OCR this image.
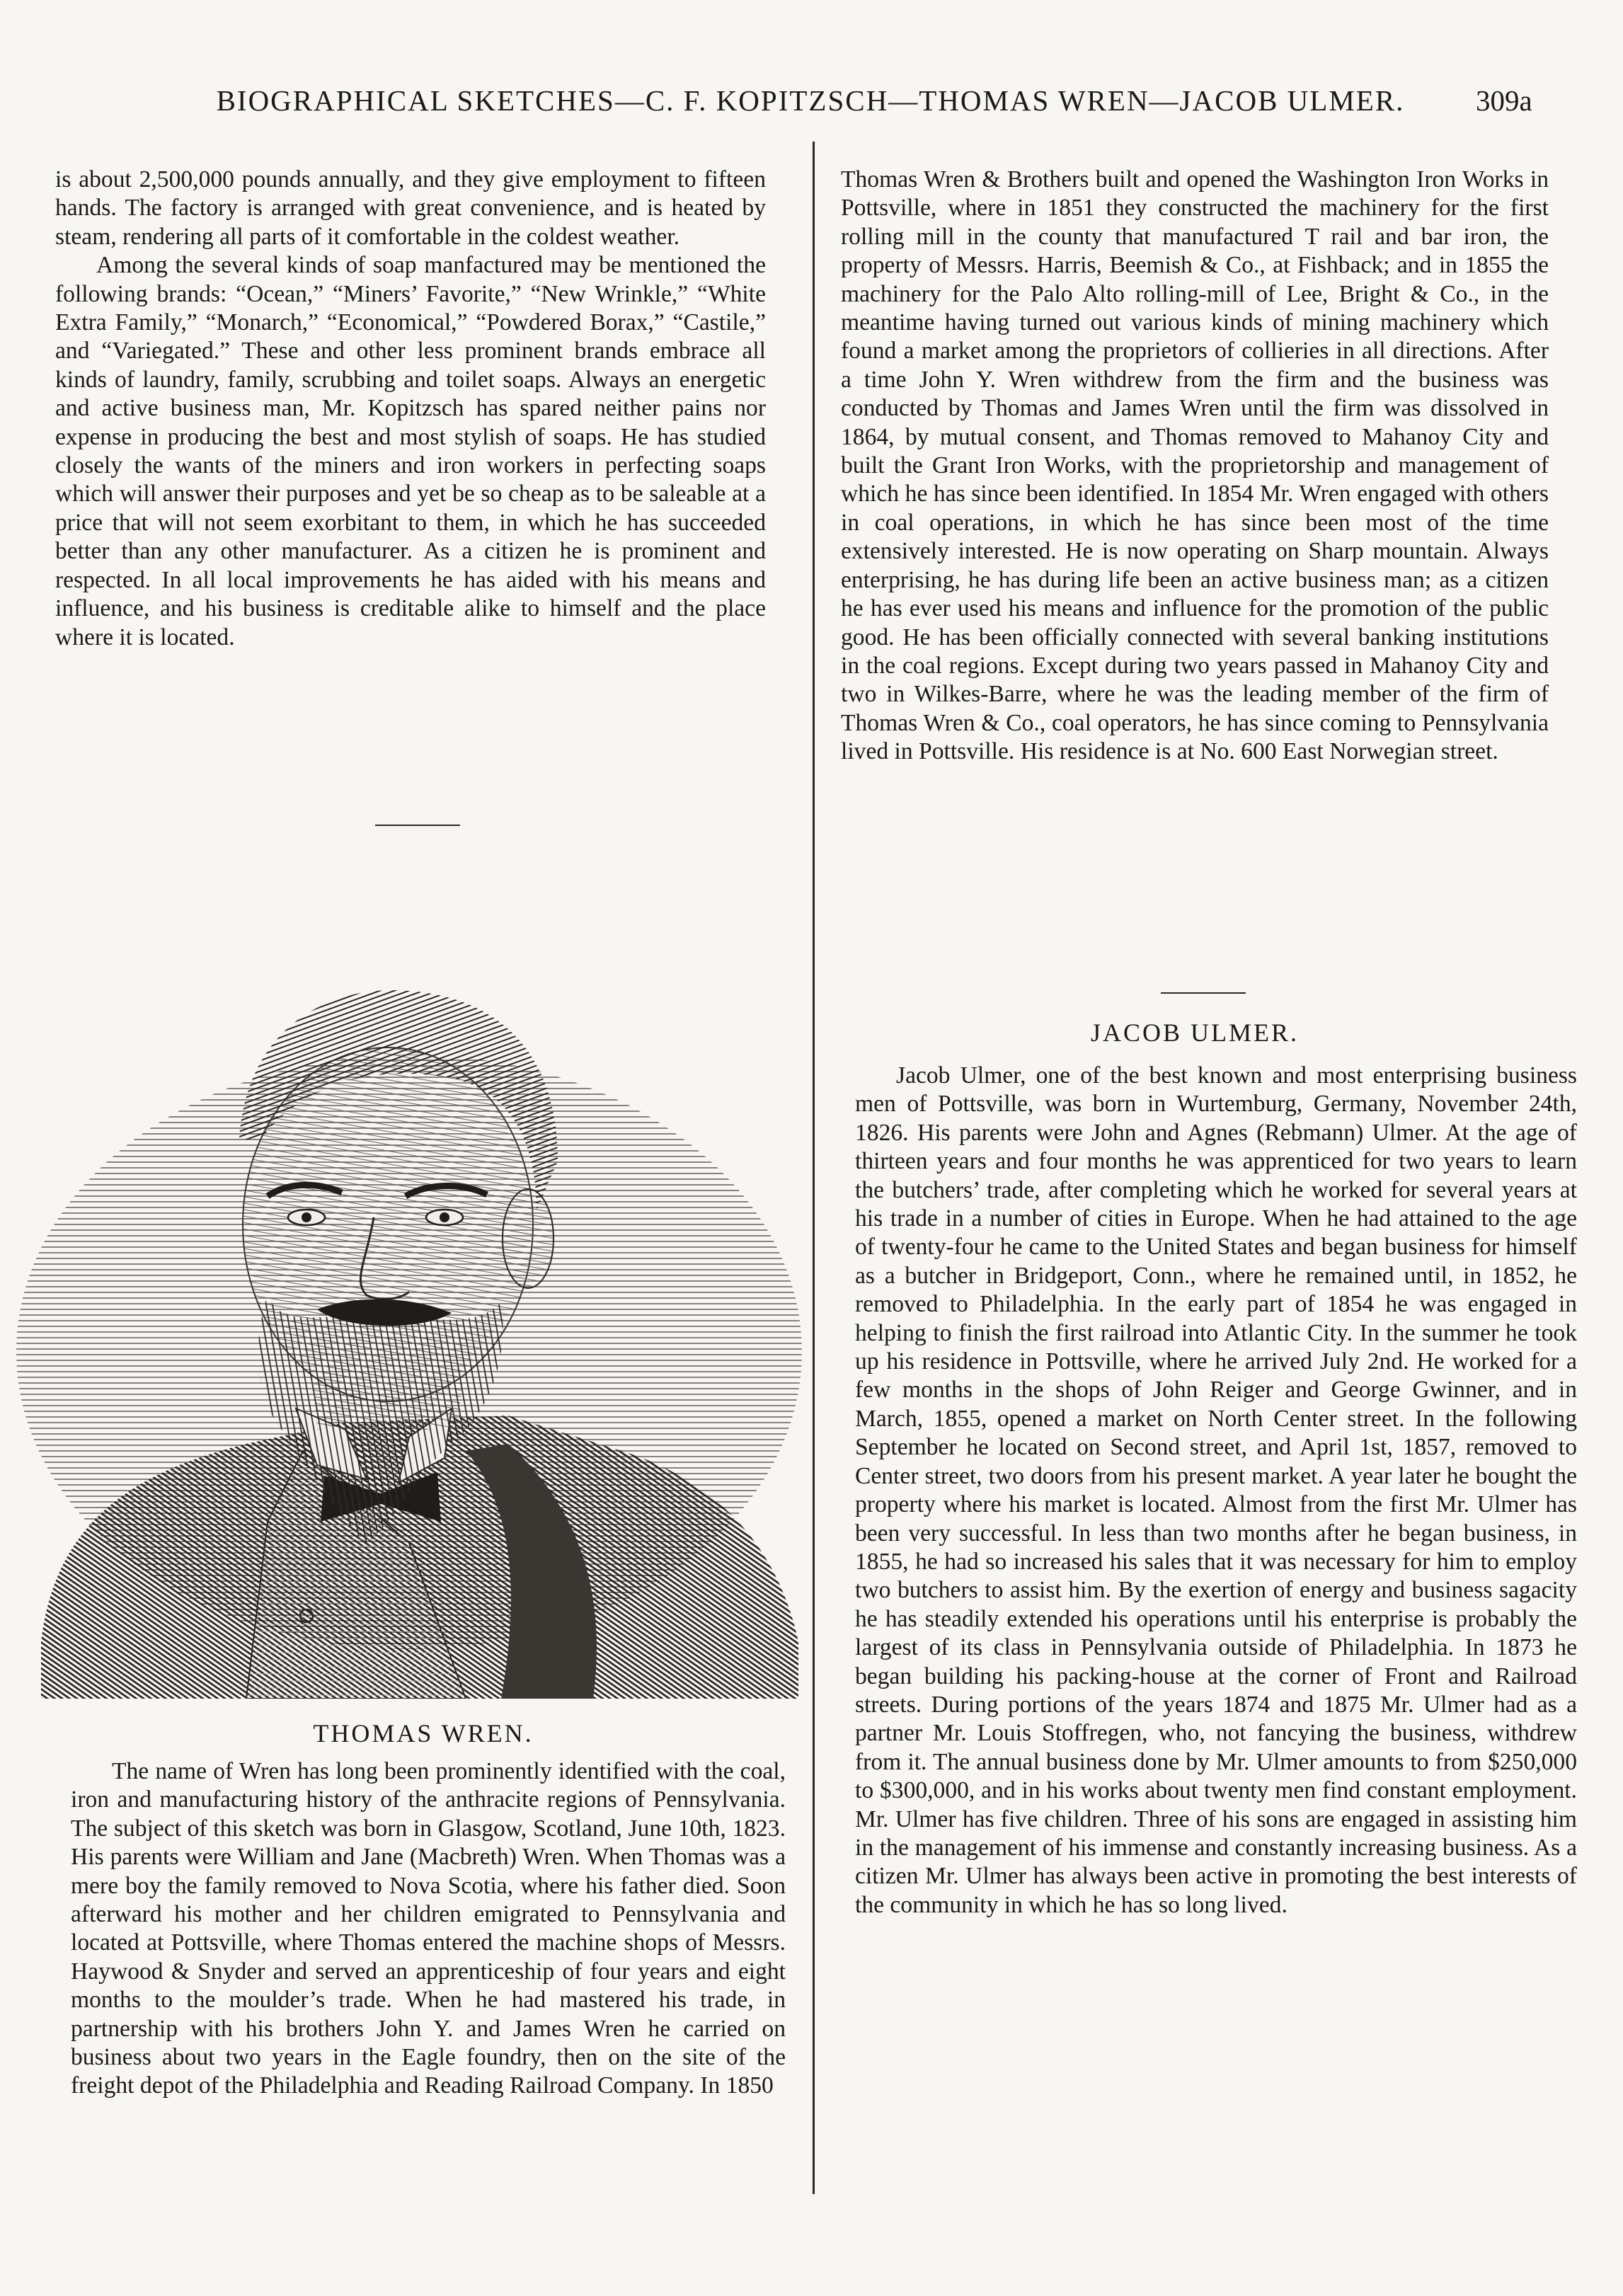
BIOGRAPHICAL SKETCHES—C. F. KOPITZSCH—THOMAS WREN—JACOB ULMER.	309a

is about 2,500,000 pounds annually, and they give employment to fifteen hands. The factory is arranged with great convenience, and is heated by steam, rendering all parts of it comfortable in the coldest weather.

Among the several kinds of soap manfactured may be mentioned the following brands: “Ocean,” “Miners’ Favorite,” “New Wrinkle,” “White Extra Family,” “Monarch,” “Economical,” “Powdered Borax,” “Castile,” and “Variegated.” These and other less prominent brands embrace all kinds of laundry, family, scrubbing and toilet soaps. Always an energetic and active business man, Mr. Kopitzsch has spared neither pains nor expense in producing the best and most stylish of soaps. He has studied closely the wants of the miners and iron workers in perfecting soaps which will answer their purposes and yet be so cheap as to be saleable at a price that will not seem exorbitant to them, in which he has succeeded better than any other manufacturer. As a citizen he is prominent and respected. In all local improvements he has aided with his means and influence, and his business is creditable alike to himself and the place where it is located.

THOMAS WREN.

The name of Wren has long been prominently identified with the coal, iron and manufacturing history of the anthracite regions of Pennsylvania. The subject of this sketch was born in Glasgow, Scotland, June 10th, 1823. His parents were William and Jane (Macbreth) Wren. When Thomas was a mere boy the family removed to Nova Scotia, where his father died. Soon afterward his mother and her children emigrated to Pennsylvania and located at Pottsville, where Thomas entered the machine shops of Messrs. Haywood & Snyder and served an apprenticeship of four years and eight months to the moulder’s trade. When he had mastered his trade, in partnership with his brothers John Y. and James Wren he carried on business about two years in the Eagle foundry, then on the site of the freight depot of the Philadelphia and Reading Railroad Company. In 1850

Thomas Wren & Brothers built and opened the Washington Iron Works in Pottsville, where in 1851 they constructed the machinery for the first rolling mill in the county that manufactured T rail and bar iron, the property of Messrs. Harris, Beemish & Co., at Fishback; and in 1855 the machinery for the Palo Alto rolling-mill of Lee, Bright & Co., in the meantime having turned out various kinds of mining machinery which found a market among the proprietors of collieries in all directions. After a time John Y. Wren withdrew from the firm and the business was conducted by Thomas and James Wren until the firm was dissolved in 1864, by mutual consent, and Thomas removed to Mahanoy City and built the Grant Iron Works, with the proprietorship and management of which he has since been identified. In 1854 Mr. Wren engaged with others in coal operations, in which he has since been most of the time extensively interested. He is now operating on Sharp mountain. Always enterprising, he has during life been an active business man; as a citizen he has ever used his means and influence for the promotion of the public good. He has been officially connected with several banking institutions in the coal regions. Except during two years passed in Mahanoy City and two in Wilkes-Barre, where he was the leading member of the firm of Thomas Wren & Co., coal operators, he has since coming to Pennsylvania lived in Pottsville. His residence is at No. 600 East Norwegian street.

JACOB ULMER.

Jacob Ulmer, one of the best known and most enterprising business men of Pottsville, was born in Wurtemburg, Germany, November 24th, 1826. His parents were John and Agnes (Rebmann) Ulmer. At the age of thirteen years and four months he was apprenticed for two years to learn the butchers’ trade, after completing which he worked for several years at his trade in a number of cities in Europe. When he had attained to the age of twenty-four he came to the United States and began business for himself as a butcher in Bridgeport, Conn., where he remained until, in 1852, he removed to Philadelphia. In the early part of 1854 he was engaged in helping to finish the first railroad into Atlantic City. In the summer he took up his residence in Pottsville, where he arrived July 2nd. He worked for a few months in the shops of John Reiger and George Gwinner, and in March, 1855, opened a market on North Center street. In the following September he located on Second street, and April 1st, 1857, removed to Center street, two doors from his present market. A year later he bought the property where his market is located. Almost from the first Mr. Ulmer has been very successful. In less than two months after he began business, in 1855, he had so increased his sales that it was necessary for him to employ two butchers to assist him. By the exertion of energy and business sagacity he has steadily extended his operations until his enterprise is probably the largest of its class in Pennsylvania outside of Philadelphia. In 1873 he began building his packing-house at the corner of Front and Railroad streets. During portions of the years 1874 and 1875 Mr. Ulmer had as a partner Mr. Louis Stoffregen, who, not fancying the business, withdrew from it. The annual business done by Mr. Ulmer amounts to from $250,000 to $300,000, and in his works about twenty men find constant employment. Mr. Ulmer has five children. Three of his sons are engaged in assisting him in the management of his immense and constantly increasing business. As a citizen Mr. Ulmer has always been active in promoting the best interests of the community in which he has so long lived.
